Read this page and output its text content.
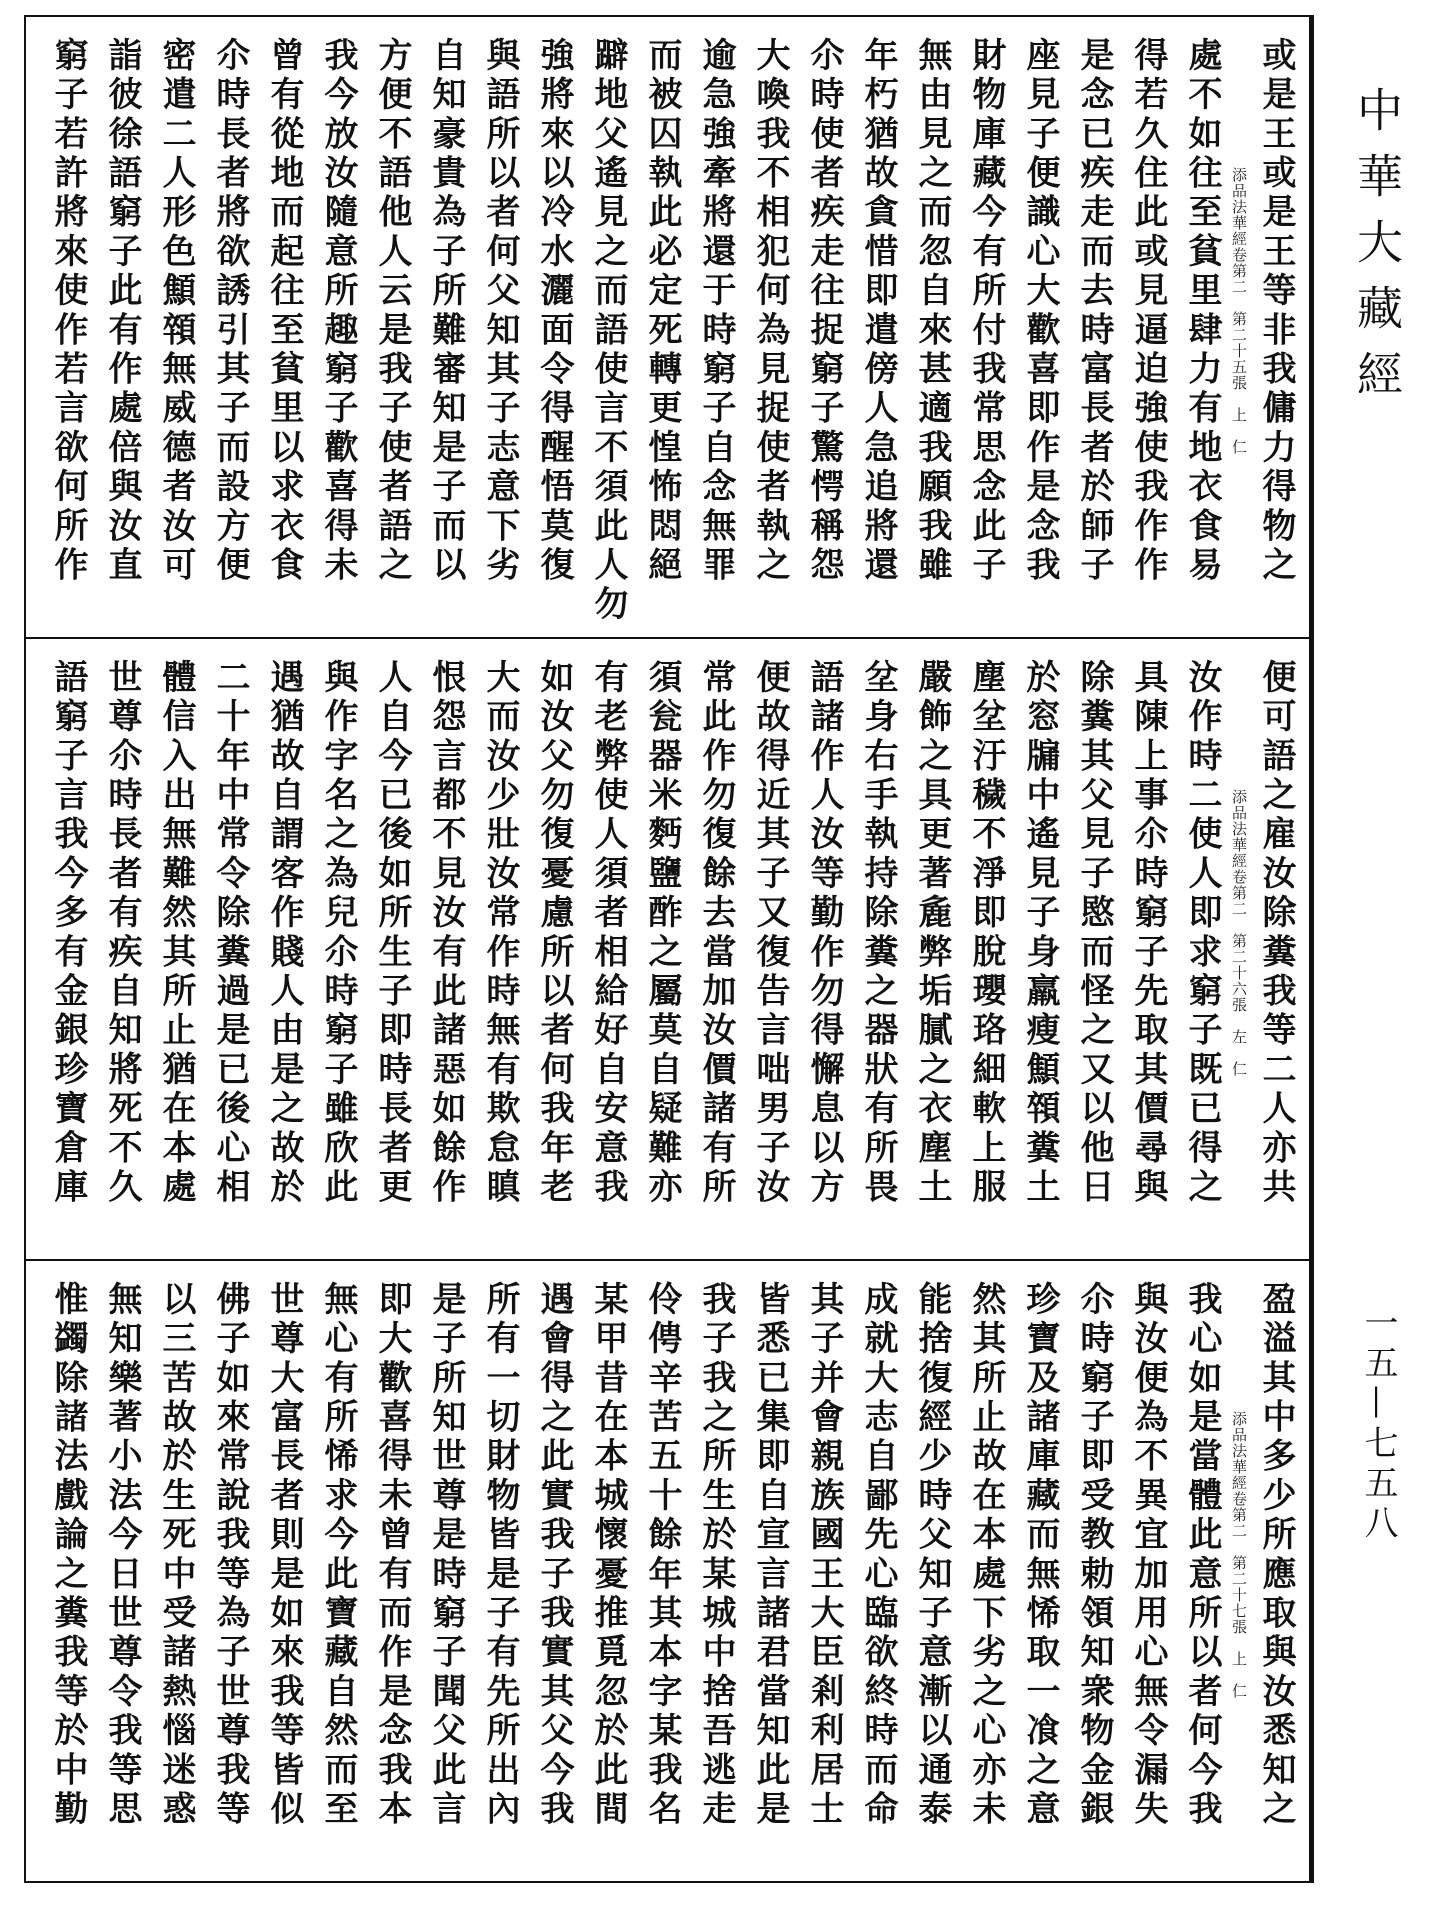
或是王或是王等非我傭力得物之
添品法華經卷第二　第二十五張　上　仁
處不如往至貧里肆力有地衣食易
得若久住此或見逼迫強使我作作
是念已疾走而去時富長者於師子
座見子便識心大歡喜即作是念我
財物庫藏今有所付我常思念此子
無由見之而忽自來甚適我願我雖
年朽猶故貪惜即遣傍人急追將還
尒時使者疾走往捉窮子驚愕稱怨
大喚我不相犯何為見捉使者執之
逾急強牽將還于時窮子自念無罪
而被囚執此必定死轉更惶怖悶絕
躃地父遙見之而語使言不須此人勿
強將來以冷水灑面令得醒悟莫復
與語所以者何父知其子志意下劣
自知豪貴為子所難審知是子而以
方便不語他人云是我子使者語之
我今放汝隨意所趣窮子歡喜得未
曾有從地而起往至貧里以求衣食
尒時長者將欲誘引其子而設方便
密遣二人形色顦顇無威德者汝可
詣彼徐語窮子此有作處倍與汝直
窮子若許將來使作若言欲何所作
便可語之雇汝除糞我等二人亦共
添品法華經卷第二　第二十六張　左　仁
汝作時二使人即求窮子既已得之
具陳上事尒時窮子先取其價尋與
除糞其父見子愍而怪之又以他日
於窓牖中遙見子身羸瘦顦顇糞土
塵坌汙穢不淨即脫瓔珞細軟上服
嚴飾之具更著麁弊垢膩之衣塵土
坌身右手執持除糞之器狀有所畏
語諸作人汝等勤作勿得懈息以方
便故得近其子又復告言咄男子汝
常此作勿復餘去當加汝價諸有所
須瓮器米麪鹽酢之屬莫自疑難亦
有老弊使人須者相給好自安意我
如汝父勿復憂慮所以者何我年老
大而汝少壯汝常作時無有欺怠瞋
恨怨言都不見汝有此諸惡如餘作
人自今已後如所生子即時長者更
與作字名之為兒尒時窮子雖欣此
遇猶故自謂客作賤人由是之故於
二十年中常令除糞過是已後心相
體信入出無難然其所止猶在本處
世尊尒時長者有疾自知將死不久
語窮子言我今多有金銀珍寶倉庫
盈溢其中多少所應取與汝悉知之
添品法華經卷第二　第二十七張　上　仁
我心如是當體此意所以者何今我
與汝便為不異宜加用心無令漏失
尒時窮子即受教勅領知衆物金銀
珍寶及諸庫藏而無悕取一飡之意
然其所止故在本處下劣之心亦未
能捨復經少時父知子意漸以通泰
成就大志自鄙先心臨欲終時而命
其子并會親族國王大臣剎利居士
皆悉已集即自宣言諸君當知此是
我子我之所生於某城中捨吾逃走
伶俜辛苦五十餘年其本字某我名
某甲昔在本城懷憂推覓忽於此間
遇會得之此實我子我實其父今我
所有一切財物皆是子有先所出內
是子所知世尊是時窮子聞父此言
即大歡喜得未曾有而作是念我本
無心有所悕求今此寶藏自然而至
世尊大富長者則是如來我等皆似
佛子如來常說我等為子世尊我等
以三苦故於生死中受諸熱惱迷惑
無知樂著小法今日世尊令我等思
惟蠲除諸法戲論之糞我等於中勤
中華大藏經
一五—七五八
